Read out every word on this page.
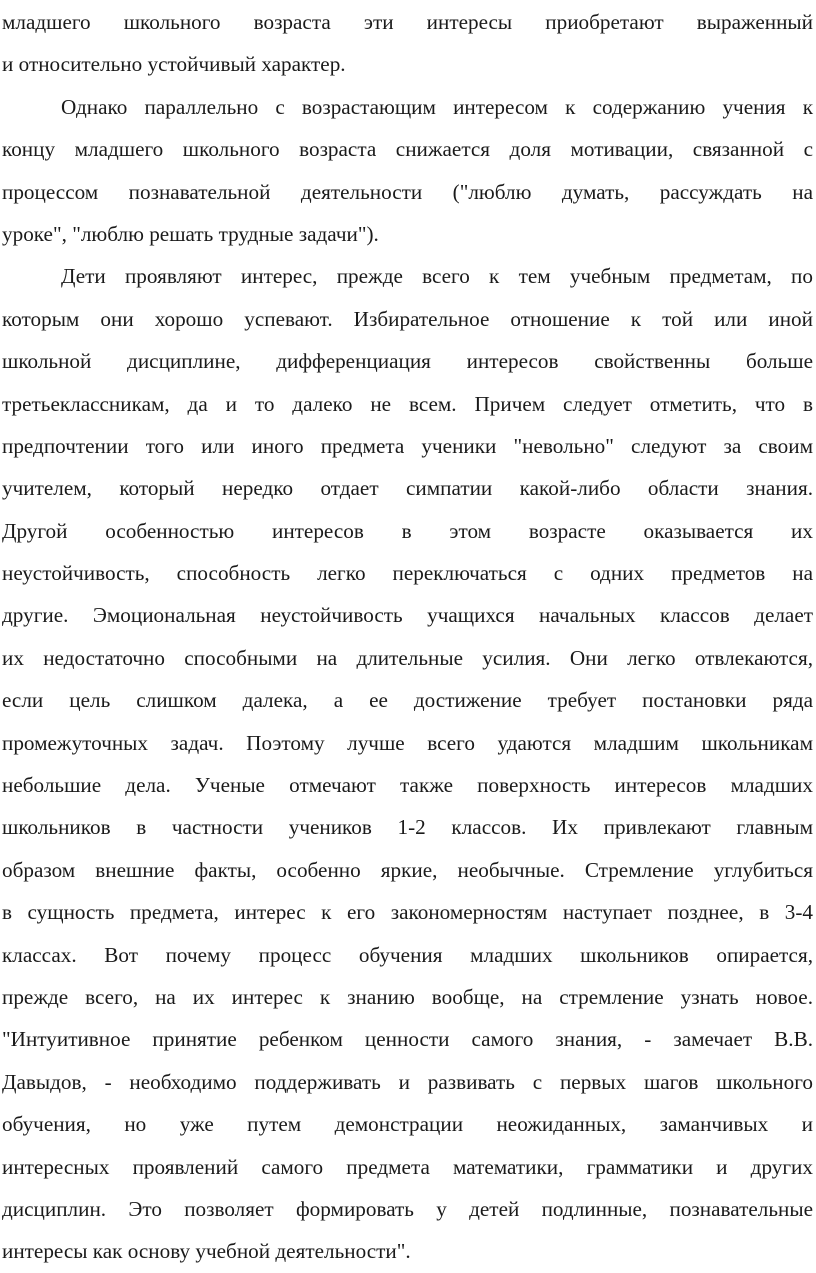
младшего школьного возраста эти интересы приобретают выраженный
и относительно устойчивый характер.
Однако параллельно с возрастающим интересом к содержанию учения к
концу младшего школьного возраста снижается доля мотивации, связанной с
процессом познавательной деятельности ("люблю думать, рассуждать на
уроке", "люблю решать трудные задачи").
Дети проявляют интерес, прежде всего к тем учебным предметам, по
которым они хорошо успевают. Избирательное отношение к той или иной
школьной дисциплине, дифференциация интересов свойственны больше
третьеклассникам, да и то далеко не всем. Причем следует отметить, что в
предпочтении того или иного предмета ученики "невольно" следуют за своим
учителем, который нередко отдает симпатии какой-либо области знания.
Другой особенностью интересов в этом возрасте оказывается их
неустойчивость, способность легко переключаться с одних предметов на
другие. Эмоциональная неустойчивость учащихся начальных классов делает
их недостаточно способными на длительные усилия. Они легко отвлекаются,
если цель слишком далека, а ее достижение требует постановки ряда
промежуточных задач. Поэтому лучше всего удаются младшим школьникам
небольшие дела. Ученые отмечают также поверхность интересов младших
школьников в частности учеников 1-2 классов. Их привлекают главным
образом внешние факты, особенно яркие, необычные. Стремление углубиться
в сущность предмета, интерес к его закономерностям наступает позднее, в 3-4
классах. Вот почему процесс обучения младших школьников опирается,
прежде всего, на их интерес к знанию вообще, на стремление узнать новое.
"Интуитивное принятие ребенком ценности самого знания, - замечает В.В.
Давыдов, - необходимо поддерживать и развивать с первых шагов школьного
обучения, но уже путем демонстрации неожиданных, заманчивых и
интересных проявлений самого предмета математики, грамматики и других
дисциплин. Это позволяет формировать у детей подлинные, познавательные
интересы как основу учебной деятельности".
